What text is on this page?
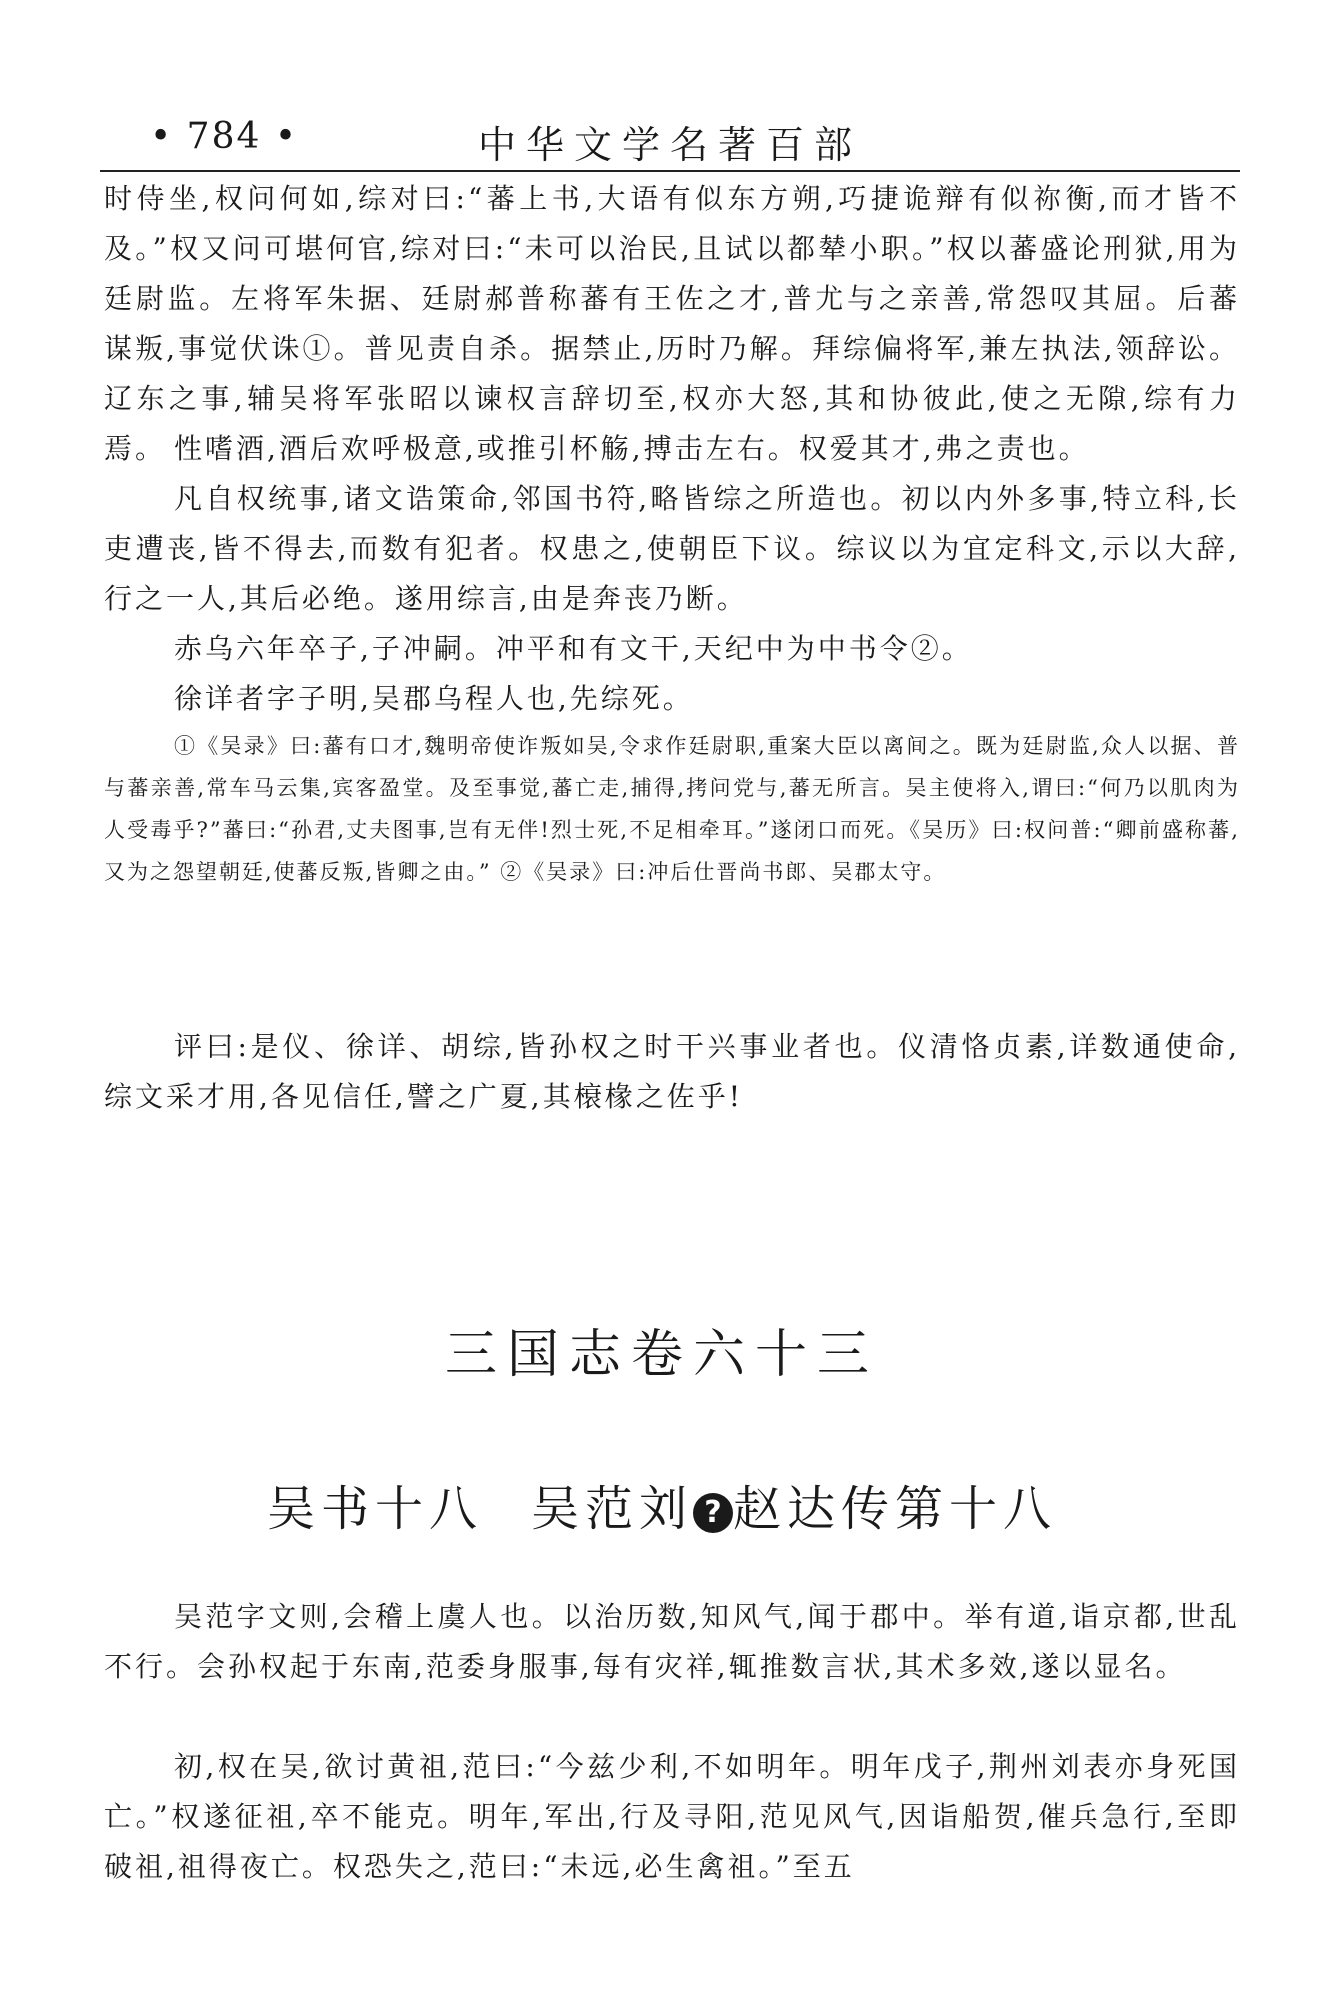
• 784 •	中华文学名著百部
时侍坐,权问何如,综对曰:“蕃上书,大语有似东方朔,巧捷诡辩有似祢衡,而才皆不及。”权又问可堪何官,综对曰:“未可以治民,且试以都辇小职。”权以蕃盛论刑狱,用为廷尉监。左将军朱据、廷尉郝普称蕃有王佐之才,普尤与之亲善,常怨叹其屈。后蕃谋叛,事觉伏诛①。普见责自杀。据禁止,历时乃解。拜综偏将军,兼左执法,领辞讼。辽东之事,辅吴将军张昭以谏权言辞切至,权亦大怒,其和协彼此,使之无隙,综有力焉。 性嗜酒,酒后欢呼极意,或推引杯觞,搏击左右。权爱其才,弗之责也。
凡自权统事,诸文诰策命,邻国书符,略皆综之所造也。初以内外多事,特立科,长吏遭丧,皆不得去,而数有犯者。权患之,使朝臣下议。综议以为宜定科文,示以大辞,行之一人,其后必绝。遂用综言,由是奔丧乃断。
赤乌六年卒子,子冲嗣。冲平和有文干,天纪中为中书令②。
徐详者字子明,吴郡乌程人也,先综死。
①《吴录》曰:蕃有口才,魏明帝使诈叛如吴,令求作廷尉职,重案大臣以离间之。既为廷尉监,众人以据、普与蕃亲善,常车马云集,宾客盈堂。及至事觉,蕃亡走,捕得,拷问党与,蕃无所言。吴主使将入,谓曰:“何乃以肌肉为人受毒乎?”蕃曰:“孙君,丈夫图事,岂有无伴!烈士死,不足相牵耳。”遂闭口而死。《吴历》曰:权问普:“卿前盛称蕃,又为之怨望朝廷,使蕃反叛,皆卿之由。” ②《吴录》曰:冲后仕晋尚书郎、吴郡太守。
评曰:是仪、徐详、胡综,皆孙权之时干兴事业者也。仪清恪贞素,详数通使命,综文采才用,各见信任,譬之广夏,其榱椽之佐乎!
三国志卷六十三
吴书十八 吴范刘 ? 赵达传第十八
吴范字文则,会稽上虞人也。以治历数,知风气,闻于郡中。举有道,诣京都,世乱不行。会孙权起于东南,范委身服事,每有灾祥,辄推数言状,其术多效,遂以显名。
初,权在吴,欲讨黄祖,范曰:“今兹少利,不如明年。明年戊子,荆州刘表亦身死国亡。”权遂征祖,卒不能克。明年,军出,行及寻阳,范见风气,因诣船贺,催兵急行,至即破祖,祖得夜亡。权恐失之,范曰:“未远,必生禽祖。”至五
